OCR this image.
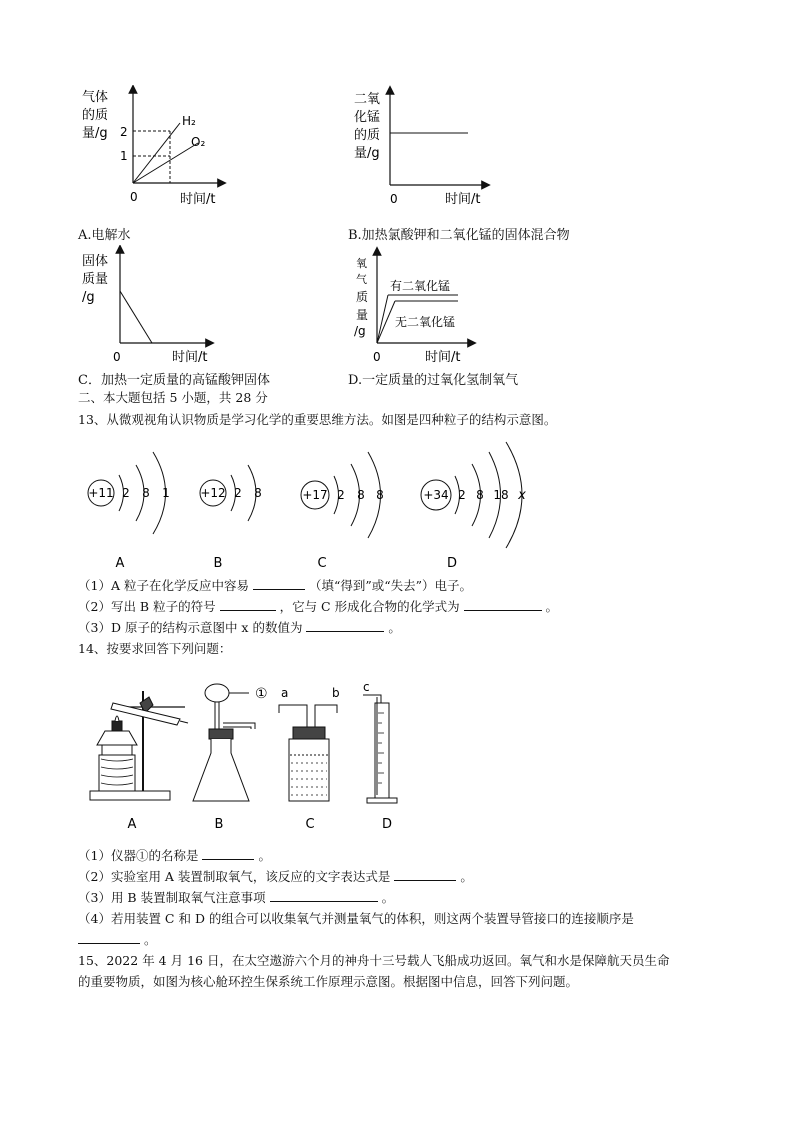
气体
的质
量/g 2
1
0	时间/t
H₂
O₂
A.电解水
二氧
化锰
的质
量/g
0	时间/t
B.加热氯酸钾和二氧化锰的固体混合物
固体
质量
/g
0	时间/t
C．加热一定质量的高锰酸钾固体
氧
气
质
量
/g
有二氧化锰
无二氧化锰
0	时间/t
D.一定质量的过氧化氢制氧气
二、本大题包括 5 小题，共 28 分
13、从微观视角认识物质是学习化学的重要思维方法。如图是四种粒子的结构示意图。
+11 2 8 1
A
+12 2 8
B
+17 2 8 8
C
+34 2 8 18 x
D
（1）A 粒子在化学反应中容易	（填“得到”或“失去”）电子。
（2）写出 B 粒子的符号	，它与 C 形成化合物的化学式为	。
（3）D 原子的结构示意图中 x 的数值为	。
14、按要求回答下列问题：
A
①
B
a	b
C
c
D
（1）仪器①的名称是	。
（2）实验室用 A 装置制取氧气，该反应的文字表达式是	。
（3）用 B 装置制取氧气注意事项	。
（4）若用装置 C 和 D 的组合可以收集氧气并测量氧气的体积，则这两个装置导管接口的连接顺序是
。
15、2022 年 4 月 16 日，在太空遨游六个月的神舟十三号载人飞船成功返回。氧气和水是保障航天员生命
的重要物质，如图为核心舱环控生保系统工作原理示意图。根据图中信息，回答下列问题。
